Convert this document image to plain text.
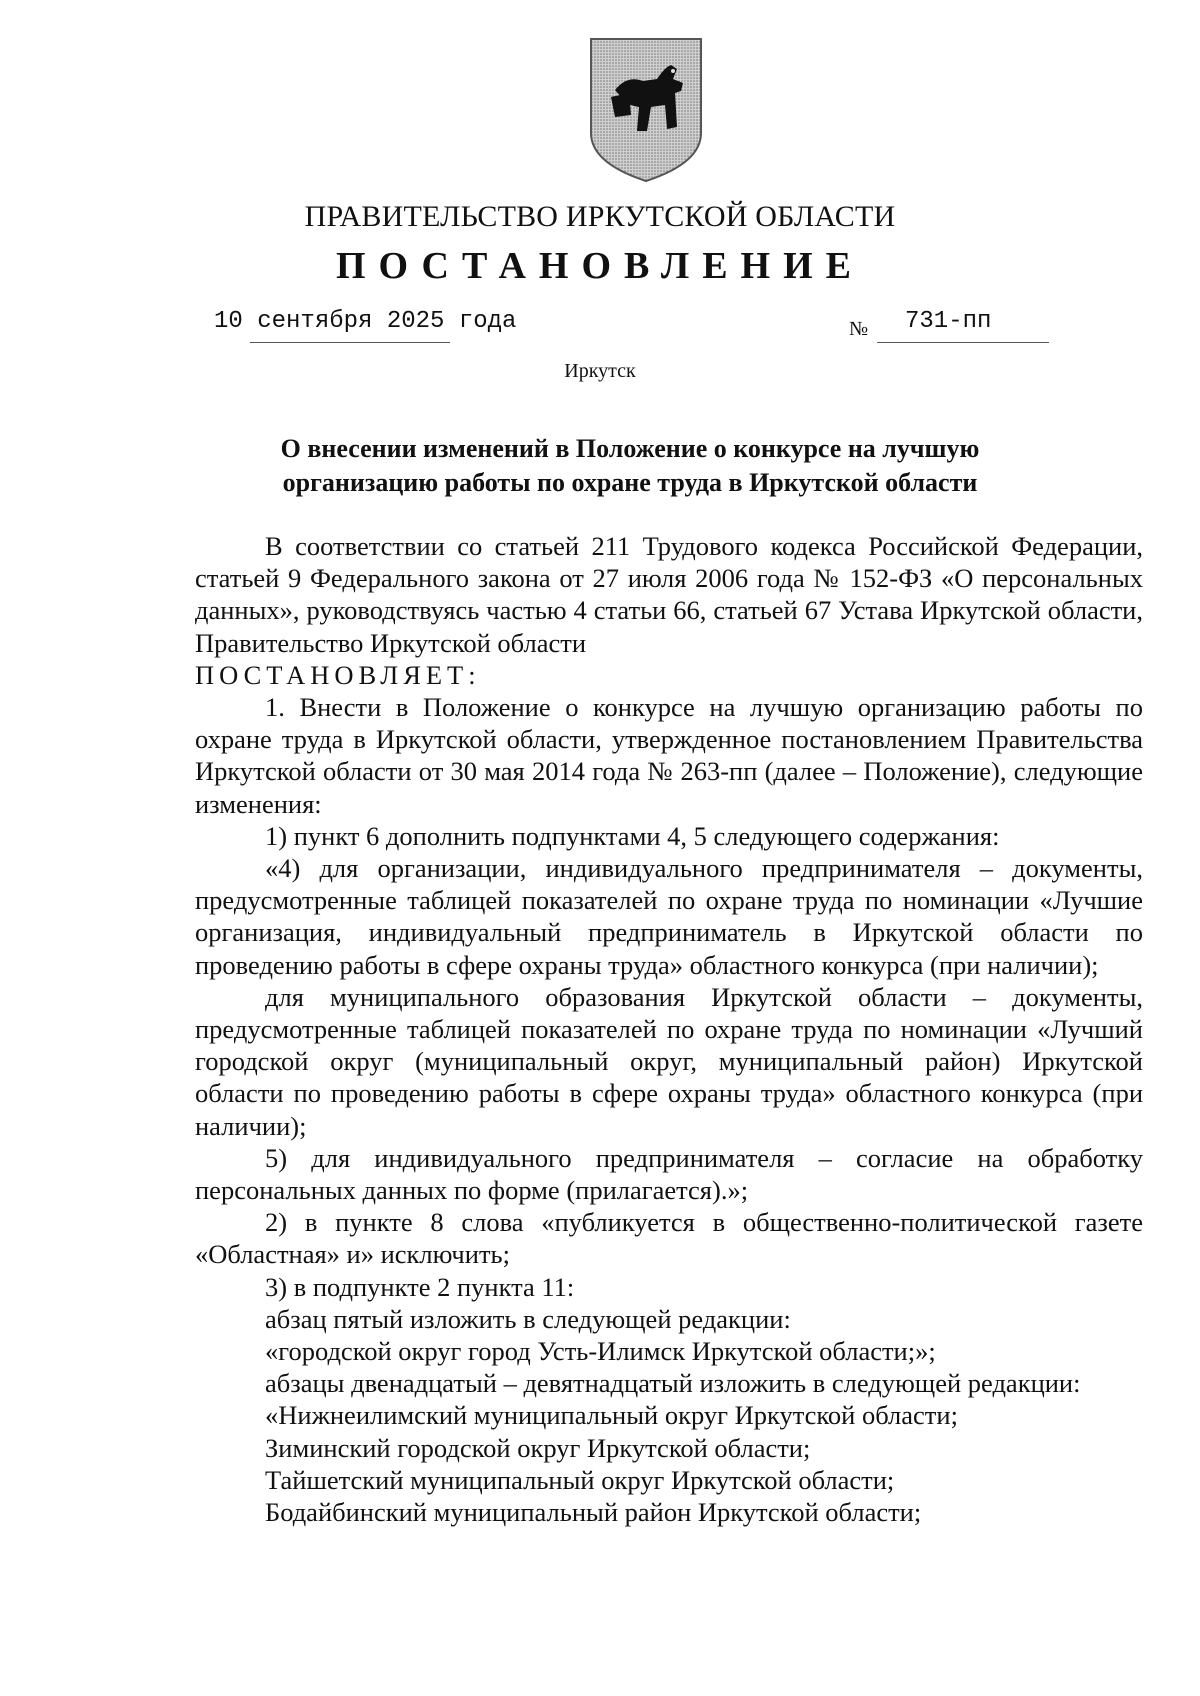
ПРАВИТЕЛЬСТВО ИРКУТСКОЙ ОБЛАСТИ
ПОСТАНОВЛЕНИЕ
10 сентября 2025 года	№ 731-пп
Иркутск
О внесении изменений в Положение о конкурсе на лучшую
организацию работы по охране труда в Иркутской области

В соответствии со статьей 211 Трудового кодекса Российской Федерации, статьей 9 Федерального закона от 27 июля 2006 года № 152-ФЗ «О персональных данных», руководствуясь частью 4 статьи 66, статьей 67 Устава Иркутской области, Правительство Иркутской области

ПОСТАНОВЛЯЕТ:

1. Внести в Положение о конкурсе на лучшую организацию работы по охране труда в Иркутской области, утвержденное постановлением Правительства Иркутской области от 30 мая 2014 года № 263-пп (далее – Положение), следующие изменения:

1) пункт 6 дополнить подпунктами 4, 5 следующего содержания:

«4) для организации, индивидуального предпринимателя – документы, предусмотренные таблицей показателей по охране труда по номинации «Лучшие организация, индивидуальный предприниматель в Иркутской области по проведению работы в сфере охраны труда» областного конкурса (при наличии);

для муниципального образования Иркутской области – документы, предусмотренные таблицей показателей по охране труда по номинации «Лучший городской округ (муниципальный округ, муниципальный район) Иркутской области по проведению работы в сфере охраны труда» областного конкурса (при наличии);

5) для индивидуального предпринимателя – согласие на обработку персональных данных по форме (прилагается).»;

2) в пункте 8 слова «публикуется в общественно-политической газете «Областная» и» исключить;

3) в подпункте 2 пункта 11:

абзац пятый изложить в следующей редакции:

«городской округ город Усть-Илимск Иркутской области;»;

абзацы двенадцатый – девятнадцатый изложить в следующей редакции:

«Нижнеилимский муниципальный округ Иркутской области;

Зиминский городской округ Иркутской области;

Тайшетский муниципальный округ Иркутской области;

Бодайбинский муниципальный район Иркутской области;
